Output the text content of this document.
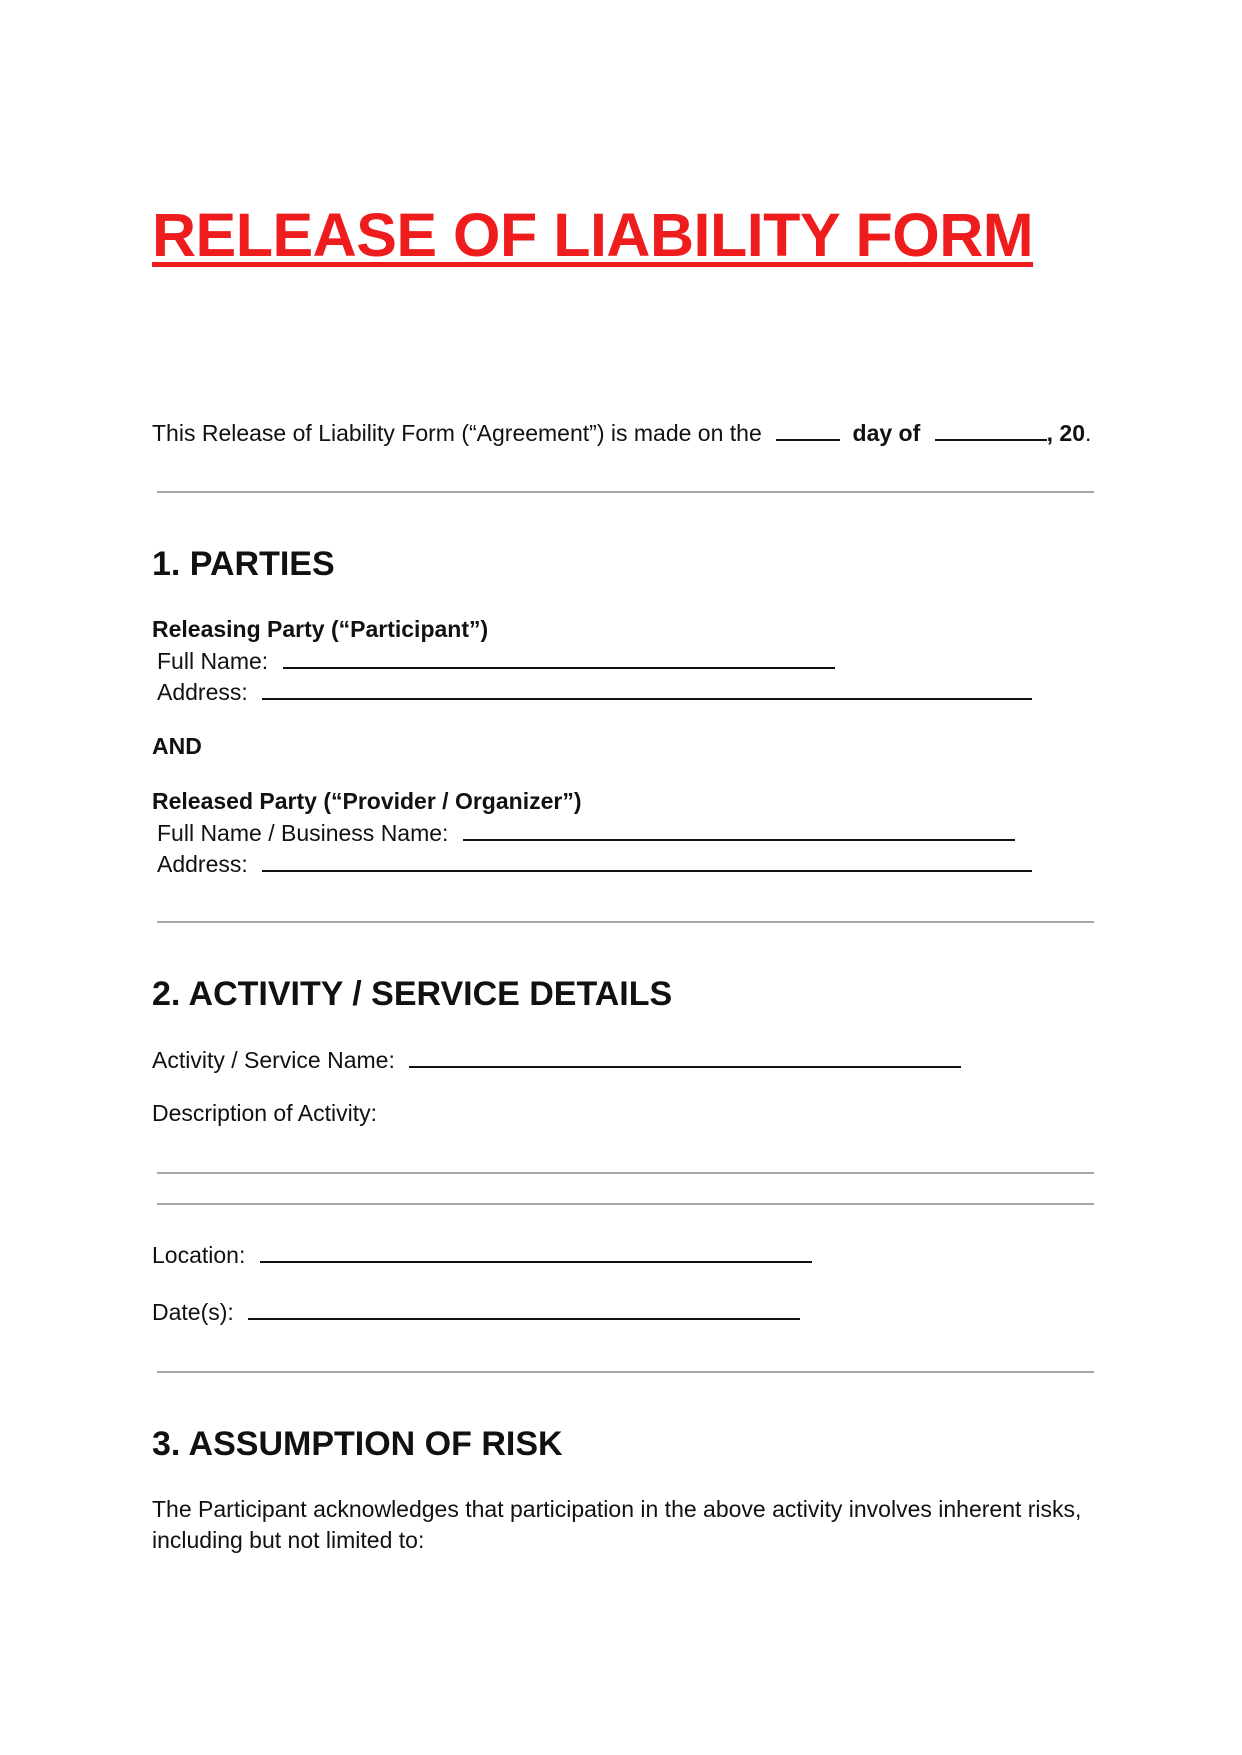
RELEASE OF LIABILITY FORM
This Release of Liability Form (“Agreement”) is made on the	day of	, 20.
1. PARTIES
Releasing Party (“Participant”)
Full Name:
Address:
AND
Released Party (“Provider / Organizer”)
Full Name / Business Name:
Address:
2. ACTIVITY / SERVICE DETAILS
Activity / Service Name:
Description of Activity:
Location:
Date(s):
3. ASSUMPTION OF RISK
The Participant acknowledges that participation in the above activity involves inherent risks,
including but not limited to:
